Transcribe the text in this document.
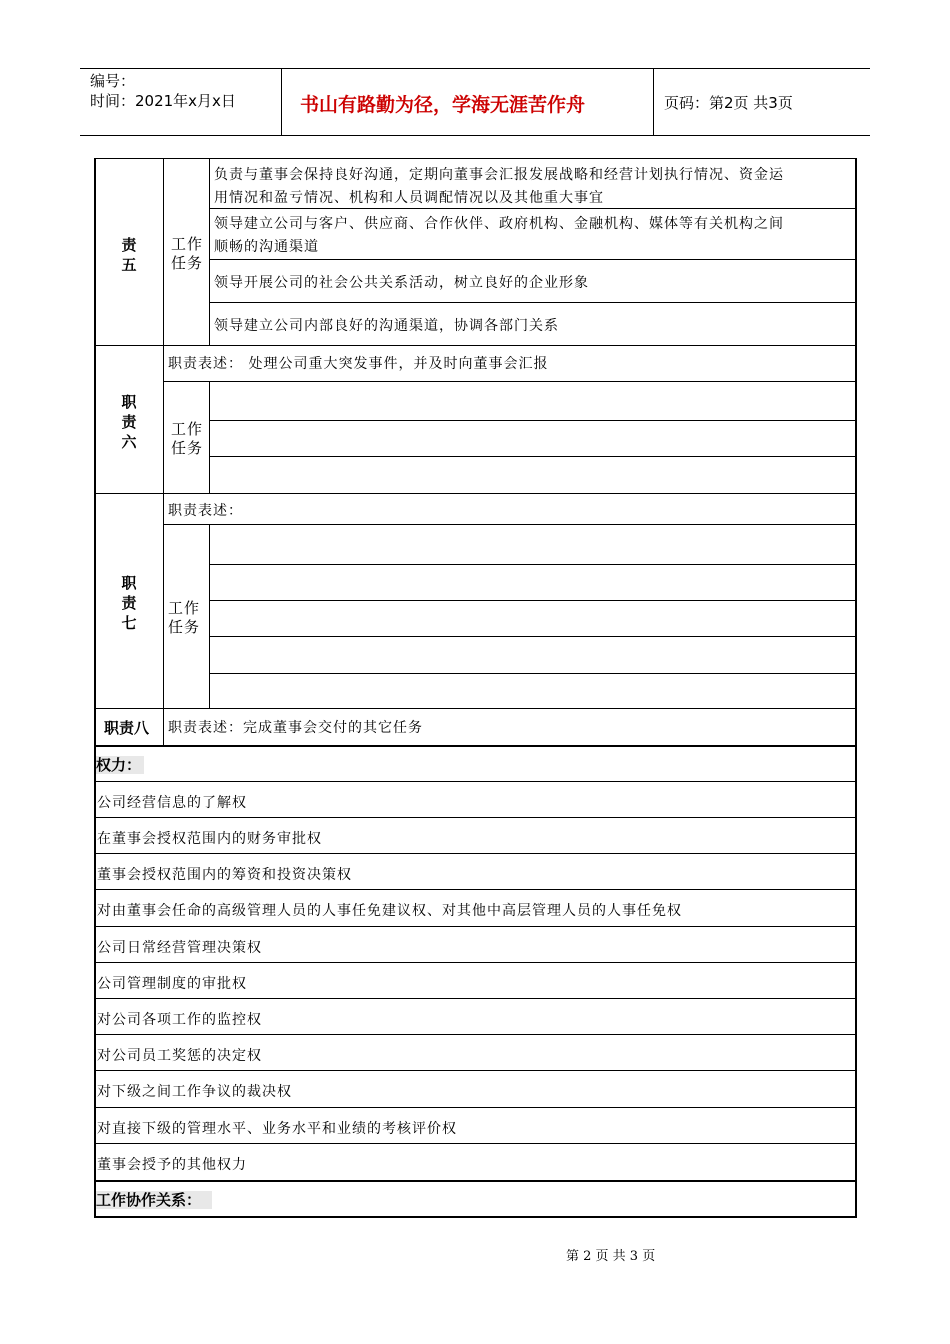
编号：
时间：2021年x月x日	书山有路勤为径，学海无涯苦作舟	页码：第2页 共3页
责
五
工作
任务
负责与董事会保持良好沟通，定期向董事会汇报发展战略和经营计划执行情况、资金运
用情况和盈亏情况、机构和人员调配情况以及其他重大事宜
领导建立公司与客户、供应商、合作伙伴、政府机构、金融机构、媒体等有关机构之间
顺畅的沟通渠道
领导开展公司的社会公共关系活动，树立良好的企业形象
领导建立公司内部良好的沟通渠道，协调各部门关系
职
责
六
职责表述： 处理公司重大突发事件，并及时向董事会汇报
工作
任务
职
责
七
职责表述：
工作
任务
职责八 职责表述：完成董事会交付的其它任务
权力：
公司经营信息的了解权
在董事会授权范围内的财务审批权
董事会授权范围内的筹资和投资决策权
对由董事会任命的高级管理人员的人事任免建议权、对其他中高层管理人员的人事任免权
公司日常经营管理决策权
公司管理制度的审批权
对公司各项工作的监控权
对公司员工奖惩的决定权
对下级之间工作争议的裁决权
对直接下级的管理水平、业务水平和业绩的考核评价权
董事会授予的其他权力
工作协作关系：
第 2 页 共 3 页
